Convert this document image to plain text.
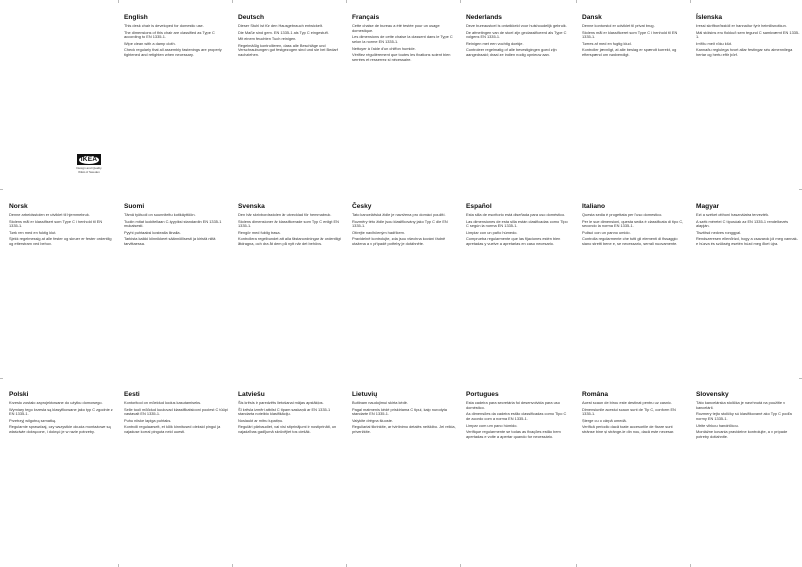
English

This desk chair is developed for domestic use.

The dimensions of this chair are classified as Type C according to EN 1335-1.

Wipe clean with a damp cloth.

Check regularly that all assembly fastenings are properly tightened and retighten when necessary.

Deutsch

Dieser Stuhl ist für den Hausgebrauch entwickelt.

Die Maße sind gem. EN 1335-1 als Typ C eingestuft.

Mit einem feuchten Tuch reinigen.

Regelmäßig kontrollieren, dass alle Beschläge und Verschraubungen gut festgezogen sind und sie bei Bedarf nachziehen.

Français

Cette chaise de bureau a été testée pour un usage domestique.

Les dimensions de cette chaise la classent dans le Type C selon la norme EN 1335-1.

Nettoyer à l'aide d'un chiffon humide.

Vérifiez régulièrement que toutes les fixations soient bien serrées et resserrez si nécessaire.

Nederlands

Deze bureaustoel is ontwikkeld voor huishoudelijk gebruik.

De afmetingen van de stoel zijn geclassificeerd als Type C volgens EN 1335-1.

Reinigen met een vochtig doekje.

Controleer regelmatig of alle bevestigingen goed zijn aangedraaid; draai ze indien nodig opnieuw aan.

Dansk

Denne kontorstol er udviklet til privat brug.

Stolens mål er klassificeret som Type C i henhold til EN 1335-1.

Tørres af med en fugtig klud.

Kontroller jævnligt, at alle beslag er spændt korrekt, og efterspænd om nødvendigt.

Íslenska

Þessi skrifborðsstóll er hannaður fyrir heimilisnotkun.

Mál stólsins eru flokkuð sem tegund C samkvæmt EN 1335-1.

Þrífðu með röku klút.

Kannaðu reglulega hvort allar festingar séu almennilega hertar og hertu eftir þörf.

IKEA
Design and Quality
IKEA of Sweden
Norsk

Denne arbeidsstolen er utviklet til hjemmebruk.

Stolens mål er klassifisert som Type C i henhold til EN 1335-1.

Tørk ren med en fuktig klut.

Sjekk regelmessig at alle fester og skruer er fester ordentlig og etterstram ved behov.

Suomi

Tämä työtuoli on suunniteltu kotikäyttöön.

Tuolin mitat luokitellaan C-tyypiksi standardin EN 1335-1 mukaisesti.

Pyyhi puhtaaksi kostealla liinalla.

Tarkista kaikki kiinnikkeet säännöllisesti ja kiristä niitä tarvittaessa.

Svenska

Den här skrivbordsstolen är utvecklad för hemmabruk.

Stolens dimensioner är klassificerade som Typ C enligt EN 1335-1.

Rengör med fuktig trasa.

Kontrollera regelbundet att alla fästanordningar är ordentligt åtdragna, och dra åt dem på nytt när det behövs.

Česky

Tato kancelářská židle je navržena pro domácí použití.

Rozměry této židle jsou klasifikovány jako Typ C dle EN 1335-1.

Otírejte navlhčeným hadříkem.

Pravidelně kontrolujte, zda jsou všechna kování řádně utažena a v případě potřeby je dotáhněte.

Español

Esta silla de escritorio está diseñada para uso doméstico.

Las dimensiones de esta silla están clasificadas como Tipo C según la norma EN 1335-1.

Limpiar con un paño húmedo.

Comprueba regularmente que las fijaciones estén bien apretadas y vuelve a apretarlas en caso necesario.

Italiano

Questa sedia è progettata per l'uso domestico.

Per le sue dimensioni, questa sedia è classificata di tipo C, secondo la norma EN 1335-1.

Pulisci con un panno umido.

Controlla regolarmente che tutti gli elementi di fissaggio siano stretti bene e, se necessario, serrali nuovamente.

Magyar

Ezt a széket otthoni használatra tervezték.

A szék méretei C típusúak az EN 1335-1 rendelkezés alapján.

Tisztítsd nedves ronggyal.

Rendszeresen ellenőrizd, hogy a csavarok jól meg vannak-e húzva és szükség esetén húzd meg őket újra.

Polski

Krzesło zostało zaprojektowane do użytku domowego.

Wymiary tego krzesła są klasyfikowane jako typ C zgodnie z EN 1335-1.

Przetrzyj wilgotną szmatką.

Regularnie sprawdzaj, czy wszystkie okucia montażowe są właściwie dokręcone, i dokręć je w razie potrzeby.

Eesti

Kontoritool on mõeldud kodus kasutamiseks.

Selle tooli mõõdud kuuluvad klassifikatsiooni poolest C tüüpi vastavalt EN 1335-1.

Puhu niiske lapiga puhtaks.

Kontrolli regulaarselt, et kõik kinnitused oleksid pingul ja vajaduse korral pinguta neid uuesti.

Latviešu

Šis krēsls ir paredzēts lietošanai mājas apstākļos.

Šī krēsla izmēri atbilst C tipam saskaņā ar EN 1335-1 standarta noteikto klasifikāciju.

Noslaukt ar mitru lupatiņu.

Regulāri pārbaudiet, vai visi stiprinājumi ir nostiprināti, un vajadzības gadījumā skrūvējiet tos ciešāk.

Lietuvių

Buitinam naudojimui skirta kėdė.

Pagal matmenis kėdė priskiriama C tipui, kaip nurodyta standarte EN 1335-1.

Valykite drėgna šluoste.

Reguliariai tikrinkite, ar tvirtinimo detalės neiškibo. Jei reikia, priveržkite.

Portugues

Esta cadeira para secretária foi desenvolvida para uso doméstico.

As dimensões da cadeira estão classificadas como Tipo C de acordo com a norma EN 1335-1.

Limpar com um pano húmido.

Verifique regularmente se todas as fixações estão bem apertadas e volte a apertar quando for necessário.

Româna

Acest scaun de birou este destinat pentru uz casnic.

Dimensiunile acestui scaun sunt de Tip C, conform EN 1335-1.

Șterge cu o cârpă umedă.

Verifică periodic dacă toate accesoriile de fixare sunt strânse bine și strânge-le din nou, dacă este necesar.

Slovensky

Táto kancelárska stolička je navrhnutá na použitie v kancelárii.

Rozmery tejto stoličky sú klasifikované ako Typ C podľa normy EN 1335-1.

Utrite vlhkou handričkou.

Montážne kovania pravidelne kontrolujte, a v prípade potreby dotiahnite.
